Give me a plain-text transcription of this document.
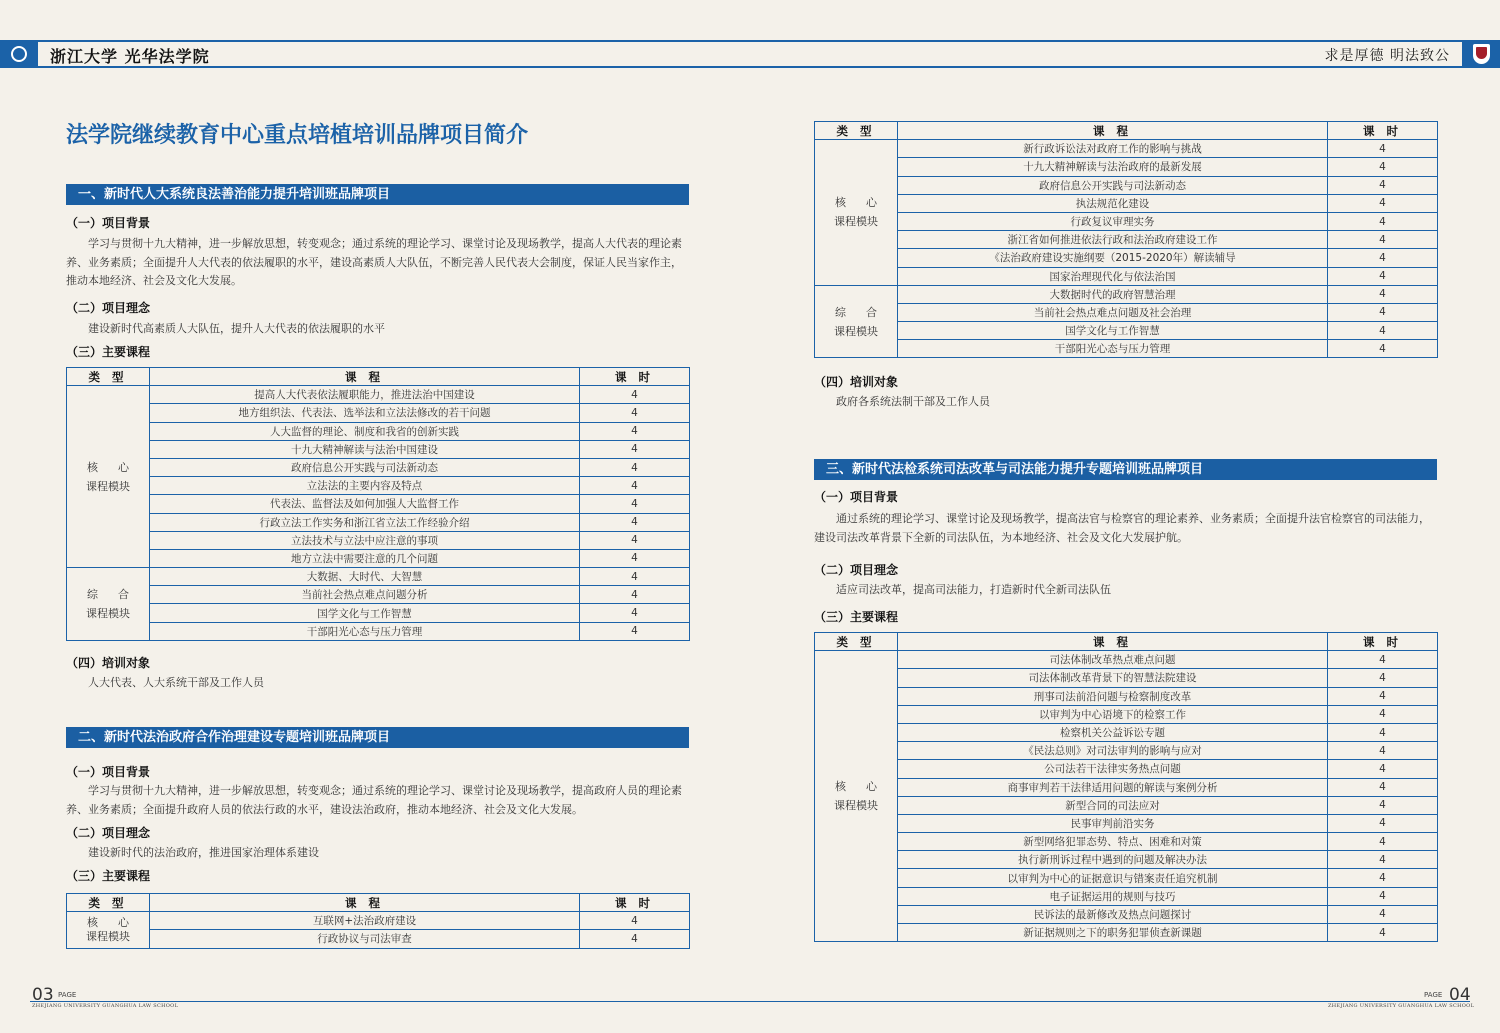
浙江大学 光华法学院	求是厚德 明法致公
法学院继续教育中心重点培植培训品牌项目简介
一、新时代人大系统良法善治能力提升培训班品牌项目
（一）项目背景
学习与贯彻十九大精神，进一步解放思想，转变观念；通过系统的理论学习、课堂讨论及现场教学，提高人大代表的理论素养、业务素质；全面提升人大代表的依法履职的水平，建设高素质人大队伍，不断完善人民代表大会制度，保证人民当家作主，推动本地经济、社会及文化大发展。
（二）项目理念
建设新时代高素质人大队伍，提升人大代表的依法履职的水平
（三）主要课程
类 型	课 程	课 时

核心
课程模块	提高人大代表依法履职能力，推进法治中国建设	4
	地方组织法、代表法、选举法和立法法修改的若干问题	4
	人大监督的理论、制度和我省的创新实践	4
	十九大精神解读与法治中国建设	4
	政府信息公开实践与司法新动态	4
	立法法的主要内容及特点	4
	代表法、监督法及如何加强人大监督工作	4
	行政立法工作实务和浙江省立法工作经验介绍	4
	立法技术与立法中应注意的事项	4
	地方立法中需要注意的几个问题	4

综合
课程模块	大数据、大时代、大智慧	4
	当前社会热点难点问题分析	4
	国学文化与工作智慧	4
	干部阳光心态与压力管理	4
（四）培训对象
人大代表、人大系统干部及工作人员
二、新时代法治政府合作治理建设专题培训班品牌项目
（一）项目背景
学习与贯彻十九大精神，进一步解放思想，转变观念；通过系统的理论学习、课堂讨论及现场教学，提高政府人员的理论素养、业务素质；全面提升政府人员的依法行政的水平，建设法治政府，推动本地经济、社会及文化大发展。
（二）项目理念
建设新时代的法治政府，推进国家治理体系建设
（三）主要课程
类 型	课 程	课 时

核心
课程模块	互联网+法治政府建设	4
	行政协议与司法审查	4
类 型	课 程	课 时

核心
课程模块	新行政诉讼法对政府工作的影响与挑战	4
	十九大精神解读与法治政府的最新发展	4
	政府信息公开实践与司法新动态	4
	执法规范化建设	4
	行政复议审理实务	4
	浙江省如何推进依法行政和法治政府建设工作	4
	《法治政府建设实施纲要（2015-2020年）解读辅导	4
	国家治理现代化与依法治国	4

综合
课程模块	大数据时代的政府智慧治理	4
	当前社会热点难点问题及社会治理	4
	国学文化与工作智慧	4
	干部阳光心态与压力管理	4
（四）培训对象
政府各系统法制干部及工作人员
三、新时代法检系统司法改革与司法能力提升专题培训班品牌项目
（一）项目背景
通过系统的理论学习、课堂讨论及现场教学，提高法官与检察官的理论素养、业务素质；全面提升法官检察官的司法能力，建设司法改革背景下全新的司法队伍，为本地经济、社会及文化大发展护航。
（二）项目理念
适应司法改革，提高司法能力，打造新时代全新司法队伍
（三）主要课程
类 型	课 程	课 时

核心
课程模块	司法体制改革热点难点问题	4
	司法体制改革背景下的智慧法院建设	4
	刑事司法前沿问题与检察制度改革	4
	以审判为中心语境下的检察工作	4
	检察机关公益诉讼专题	4
	《民法总则》对司法审判的影响与应对	4
	公司法若干法律实务热点问题	4
	商事审判若干法律适用问题的解读与案例分析	4
	新型合同的司法应对	4
	民事审判前沿实务	4
	新型网络犯罪态势、特点、困难和对策	4
	执行新刑诉过程中遇到的问题及解决办法	4
	以审判为中心的证据意识与错案责任追究机制	4
	电子证据运用的规则与技巧	4
	民诉法的最新修改及热点问题探讨	4
	新证据规则之下的职务犯罪侦查新课题	4
03 PAGE
ZHEJIANG UNIVERSITY GUANGHUA LAW SCHOOL
PAGE 04
ZHEJIANG UNIVERSITY GUANGHUA LAW SCHOOL
